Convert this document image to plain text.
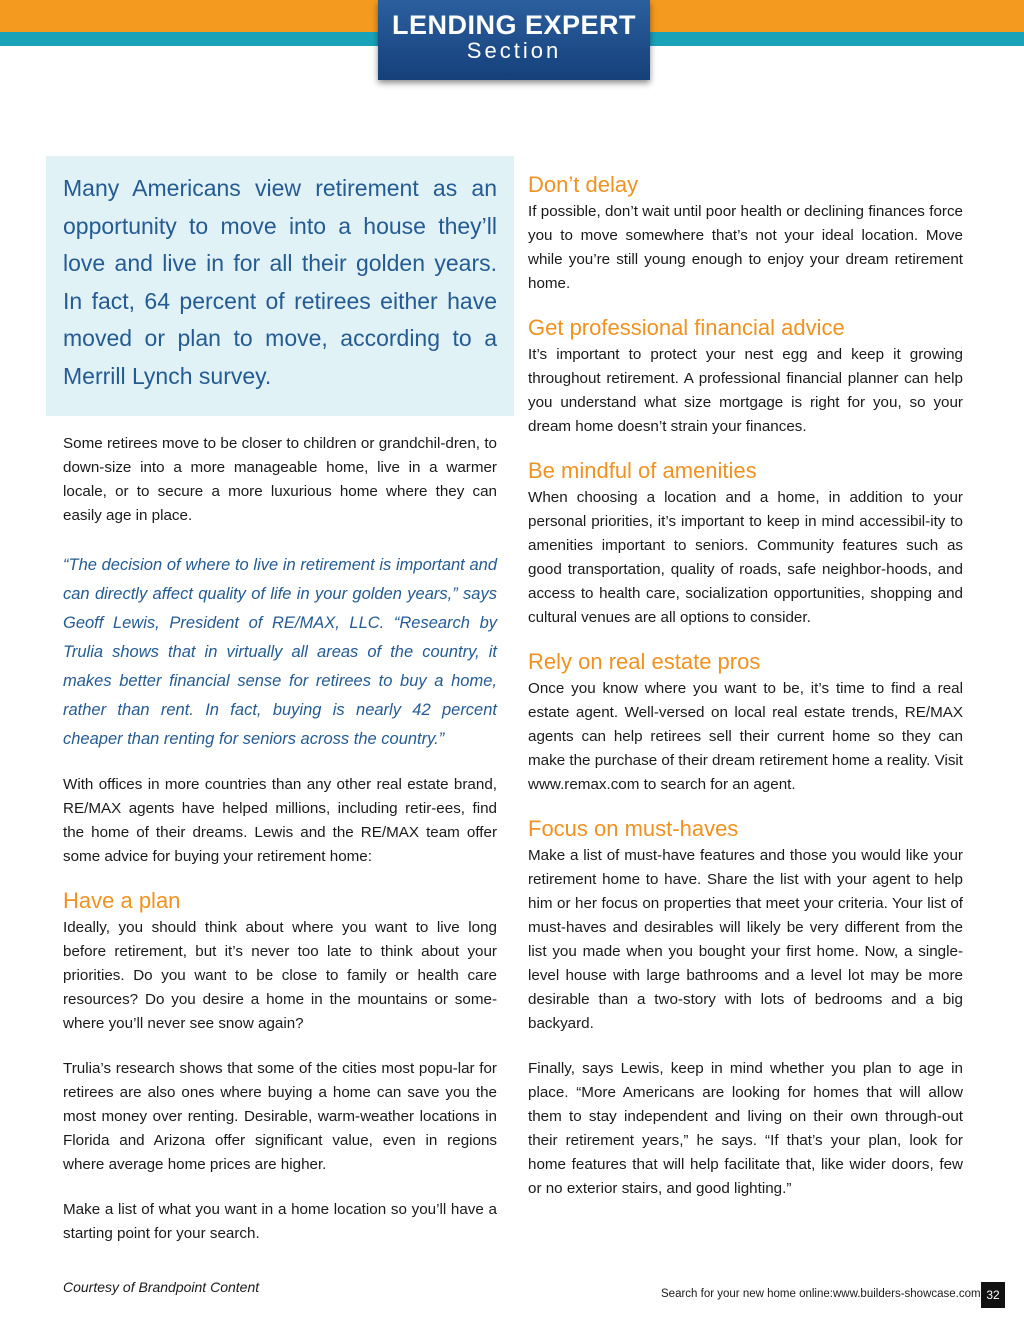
LENDING EXPERT
Section

Many Americans view retirement as an opportunity to move into a house they’ll love and live in for all their golden years. In fact, 64 percent of retirees either have moved or plan to move, according to a Merrill Lynch survey.

Some retirees move to be closer to children or grandchil-dren, to down-size into a more manageable home, live in a warmer locale, or to secure a more luxurious home where they can easily age in place.

“The decision of where to live in retirement is important and can directly affect quality of life in your golden years,” says Geoff Lewis, President of RE/MAX, LLC. “Research by Trulia shows that in virtually all areas of the country, it makes better financial sense for retirees to buy a home, rather than rent. In fact, buying is nearly 42 percent cheaper than renting for seniors across the country.”

With offices in more countries than any other real estate brand, RE/MAX agents have helped millions, including retir-ees, find the home of their dreams. Lewis and the RE/MAX team offer some advice for buying your retirement home:

Have a plan

Ideally, you should think about where you want to live long before retirement, but it’s never too late to think about your priorities. Do you want to be close to family or health care resources? Do you desire a home in the mountains or some-where you’ll never see snow again?

Trulia’s research shows that some of the cities most popu-lar for retirees are also ones where buying a home can save you the most money over renting. Desirable, warm-weather locations in Florida and Arizona offer significant value, even in regions where average home prices are higher.

Make a list of what you want in a home location so you’ll have a starting point for your search.

Don’t delay

If possible, don’t wait until poor health or declining finances force you to move somewhere that’s not your ideal location. Move while you’re still young enough to enjoy your dream retirement home.

Get professional financial advice

It’s important to protect your nest egg and keep it growing throughout retirement. A professional financial planner can help you understand what size mortgage is right for you, so your dream home doesn’t strain your finances.

Be mindful of amenities

When choosing a location and a home, in addition to your personal priorities, it’s important to keep in mind accessibil-ity to amenities important to seniors. Community features such as good transportation, quality of roads, safe neighbor-hoods, and access to health care, socialization opportunities, shopping and cultural venues are all options to consider.

Rely on real estate pros

Once you know where you want to be, it’s time to find a real estate agent. Well-versed on local real estate trends, RE/MAX agents can help retirees sell their current home so they can make the purchase of their dream retirement home a reality. Visit www.remax.com to search for an agent.

Focus on must-haves

Make a list of must-have features and those you would like your retirement home to have. Share the list with your agent to help him or her focus on properties that meet your criteria. Your list of must-haves and desirables will likely be very different from the list you made when you bought your first home. Now, a single-level house with large bathrooms and a level lot may be more desirable than a two-story with lots of bedrooms and a big backyard.

Finally, says Lewis, keep in mind whether you plan to age in place. “More Americans are looking for homes that will allow them to stay independent and living on their own through-out their retirement years,” he says. “If that’s your plan, look for home features that will help facilitate that, like wider doors, few or no exterior stairs, and good lighting.”

Courtesy of Brandpoint Content	Search for your new home online:www.builders-showcase.com 32
